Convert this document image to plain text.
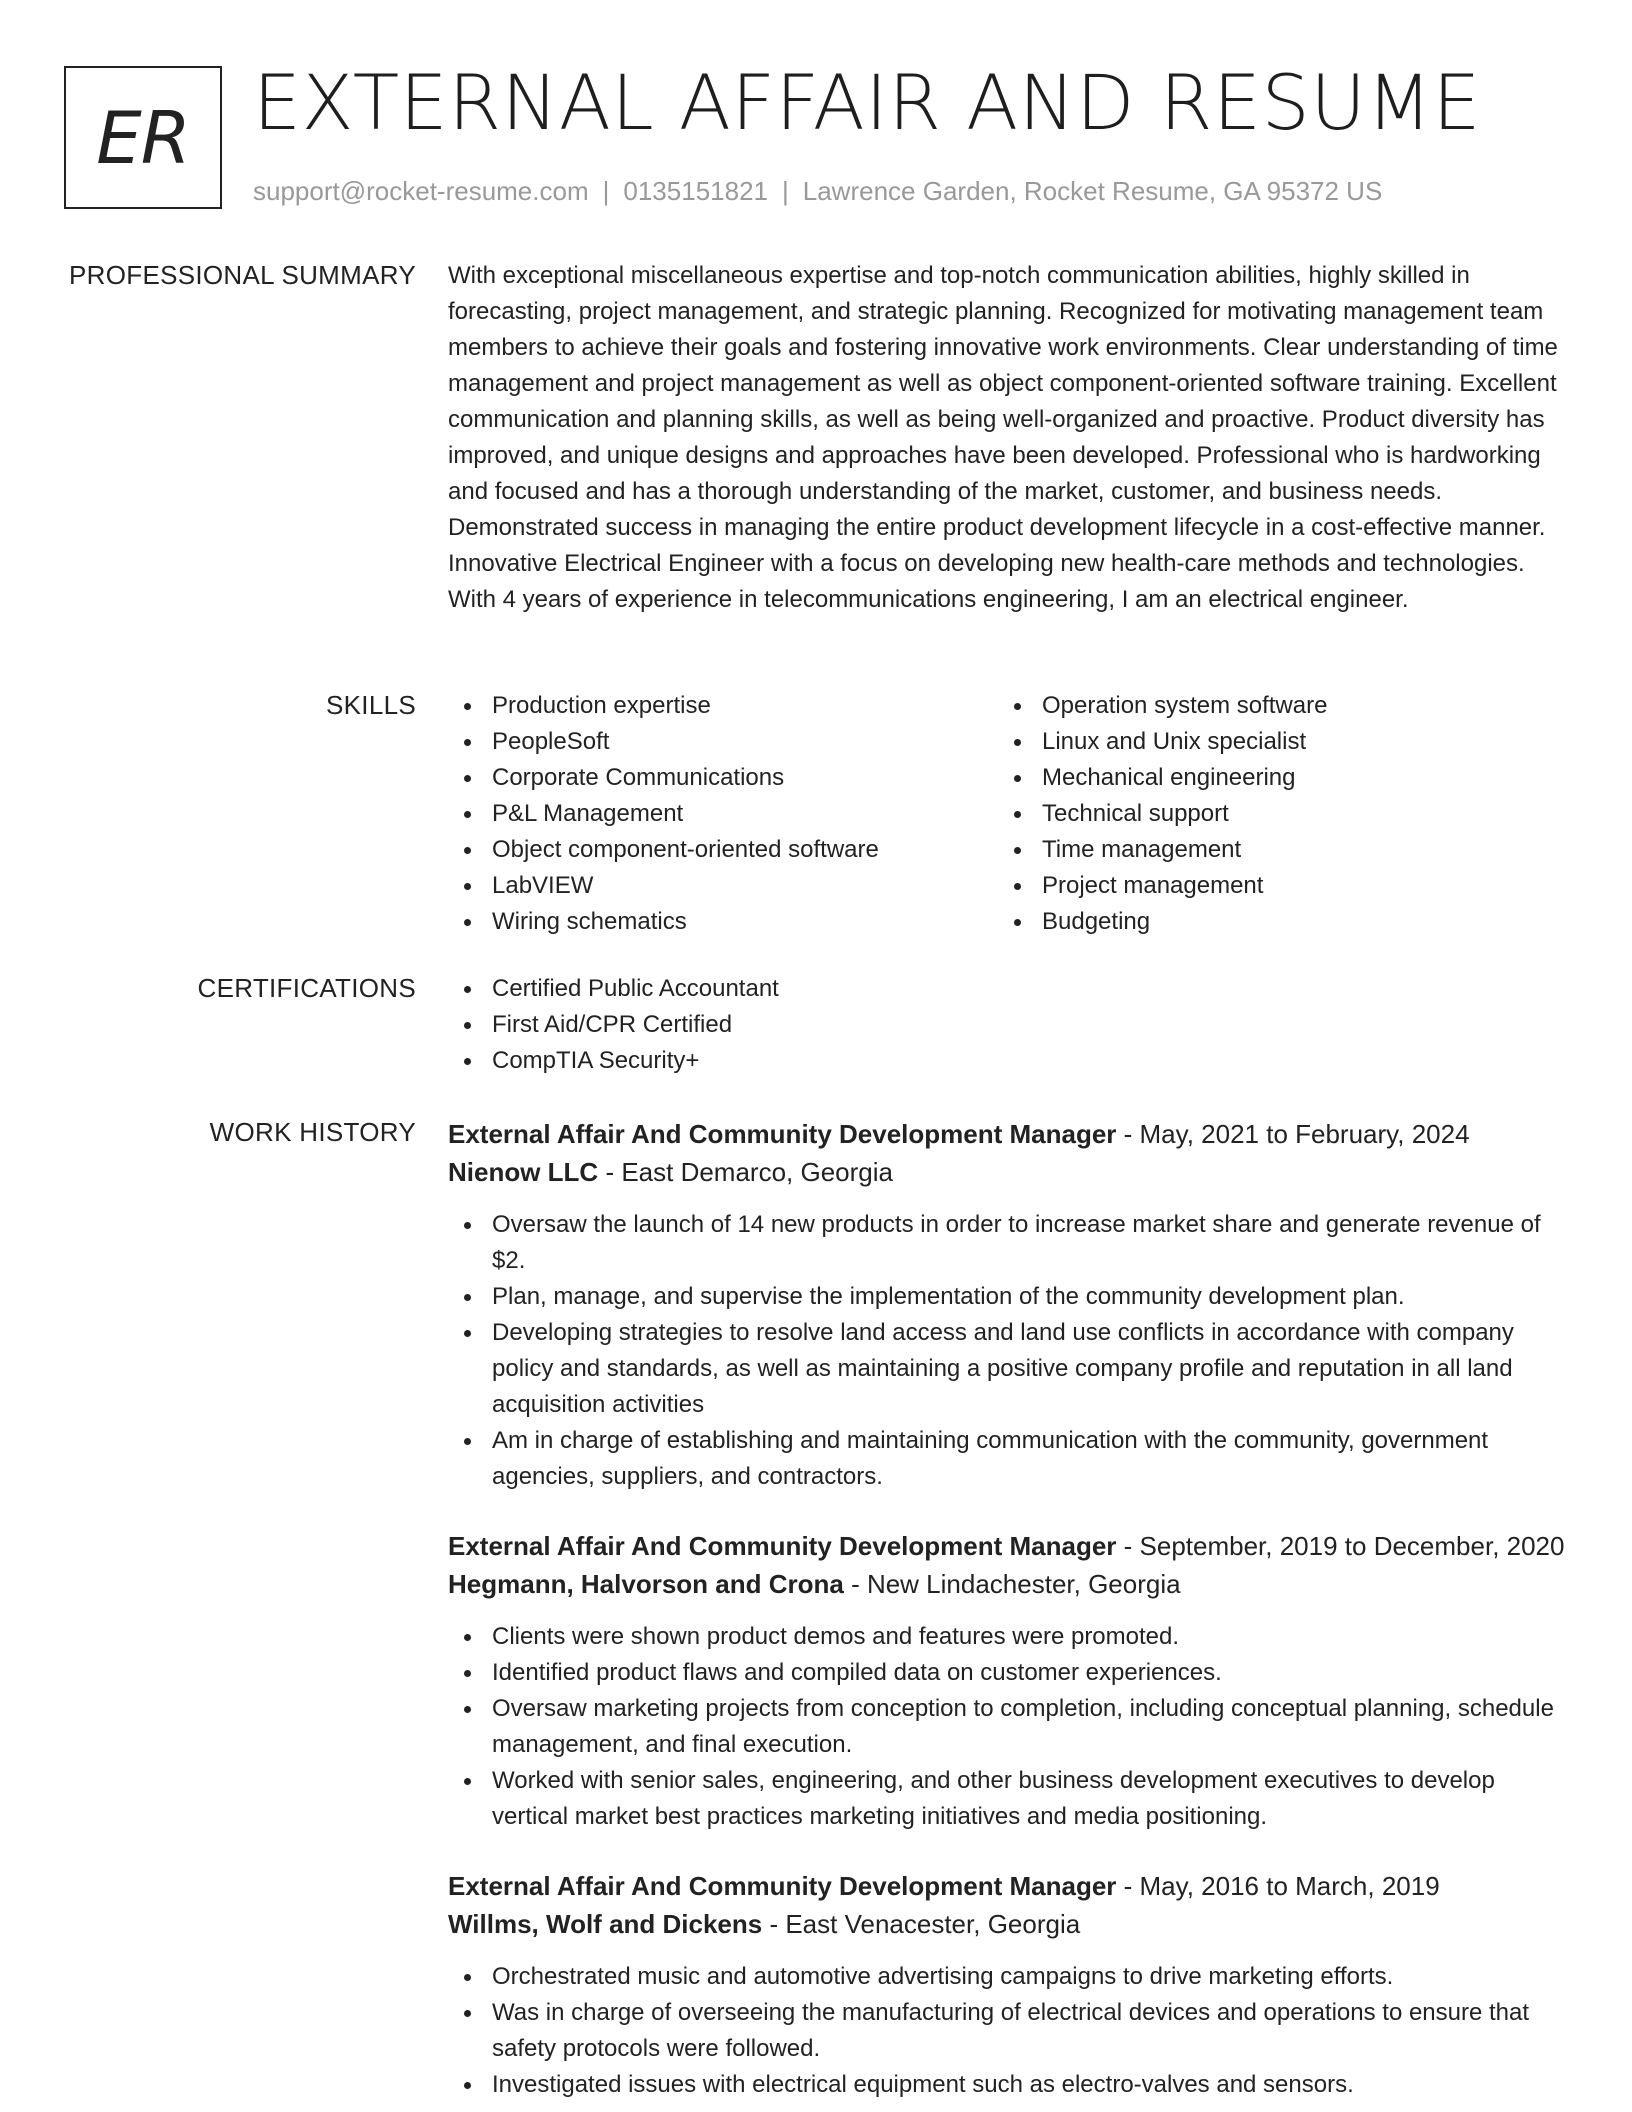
ER EXTERNAL AFFAIR AND RESUME
support@rocket-resume.com | 0135151821 | Lawrence Garden, Rocket Resume, GA 95372 US
PROFESSIONAL SUMMARY With exceptional miscellaneous expertise and top-notch communication abilities, highly skilled in forecasting, project management, and strategic planning. Recognized for motivating management team members to achieve their goals and fostering innovative work environments. Clear understanding of time management and project management as well as object component-oriented software training. Excellent communication and planning skills, as well as being well-organized and proactive. Product diversity has improved, and unique designs and approaches have been developed. Professional who is hardworking and focused and has a thorough understanding of the market, customer, and business needs. Demonstrated success in managing the entire product development lifecycle in a cost-effective manner. Innovative Electrical Engineer with a focus on developing new health-care methods and technologies. With 4 years of experience in telecommunications engineering, I am an electrical engineer.

SKILLS	Production expertise
PeopleSoft
Corporate Communications
P&L Management
Object component-oriented software
LabVIEW
Wiring schematics
Operation system software
Linux and Unix specialist
Mechanical engineering
Technical support
Time management
Project management
Budgeting
CERTIFICATIONS	Certified Public Accountant
First Aid/CPR Certified
CompTIA Security+
WORK HISTORY External Affair And Community Development Manager - May, 2021 to February, 2024
Nienow LLC - East Demarco, Georgia
Oversaw the launch of 14 new products in order to increase market share and generate revenue of $2.
Plan, manage, and supervise the implementation of the community development plan.
Developing strategies to resolve land access and land use conflicts in accordance with company policy and standards, as well as maintaining a positive company profile and reputation in all land acquisition activities
Am in charge of establishing and maintaining communication with the community, government agencies, suppliers, and contractors.
External Affair And Community Development Manager - September, 2019 to December, 2020
Hegmann, Halvorson and Crona - New Lindachester, Georgia
Clients were shown product demos and features were promoted.
Identified product flaws and compiled data on customer experiences.
Oversaw marketing projects from conception to completion, including conceptual planning, schedule management, and final execution.
Worked with senior sales, engineering, and other business development executives to develop vertical market best practices marketing initiatives and media positioning.
External Affair And Community Development Manager - May, 2016 to March, 2019
Willms, Wolf and Dickens - East Venacester, Georgia
Orchestrated music and automotive advertising campaigns to drive marketing efforts.
Was in charge of overseeing the manufacturing of electrical devices and operations to ensure that safety protocols were followed.
Investigated issues with electrical equipment such as electro-valves and sensors.
